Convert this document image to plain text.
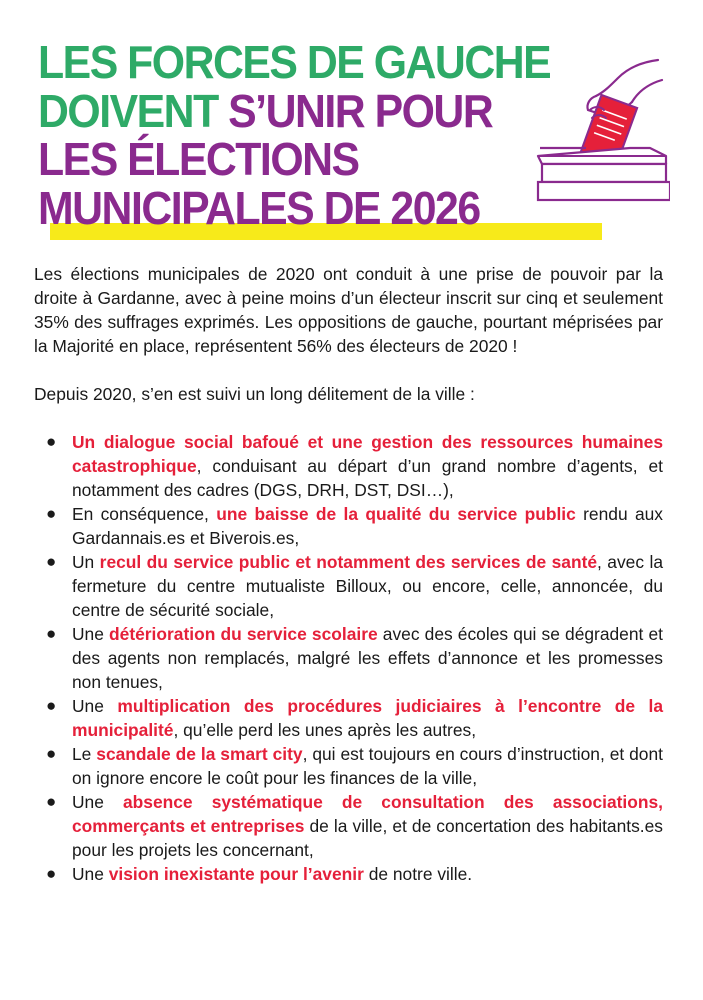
LES FORCES DE GAUCHE
DOIVENT S’UNIR POUR
LES ÉLECTIONS
MUNICIPALES DE 2026

Les élections municipales de 2020 ont conduit à une prise de pouvoir par la droite à Gardanne, avec à peine moins d’un électeur inscrit sur cinq et seulement 35% des suffrages exprimés. Les oppositions de gauche, pourtant méprisées par la Majorité en place, représentent 56% des électeurs de 2020 !

Depuis 2020, s’en est suivi un long délitement de la ville :

● Un dialogue social bafoué et une gestion des ressources humaines catastrophique, conduisant au départ d’un grand nombre d’agents, et notamment des cadres (DGS, DRH, DST, DSI…),
● En conséquence, une baisse de la qualité du service public rendu aux Gardannais.es et Biverois.es,
● Un recul du service public et notamment des services de santé, avec la fermeture du centre mutualiste Billoux, ou encore, celle, annoncée, du centre de sécurité sociale,
● Une détérioration du service scolaire avec des écoles qui se dégradent et des agents non remplacés, malgré les effets d’annonce et les promesses non tenues,
● Une multiplication des procédures judiciaires à l’encontre de la municipalité, qu’elle perd les unes après les autres,
● Le scandale de la smart city, qui est toujours en cours d’instruction, et dont on ignore encore le coût pour les finances de la ville,
● Une absence systématique de consultation des associations, commerçants et entreprises de la ville, et de concertation des habitants.es pour les projets les concernant,
● Une vision inexistante pour l’avenir de notre ville.
